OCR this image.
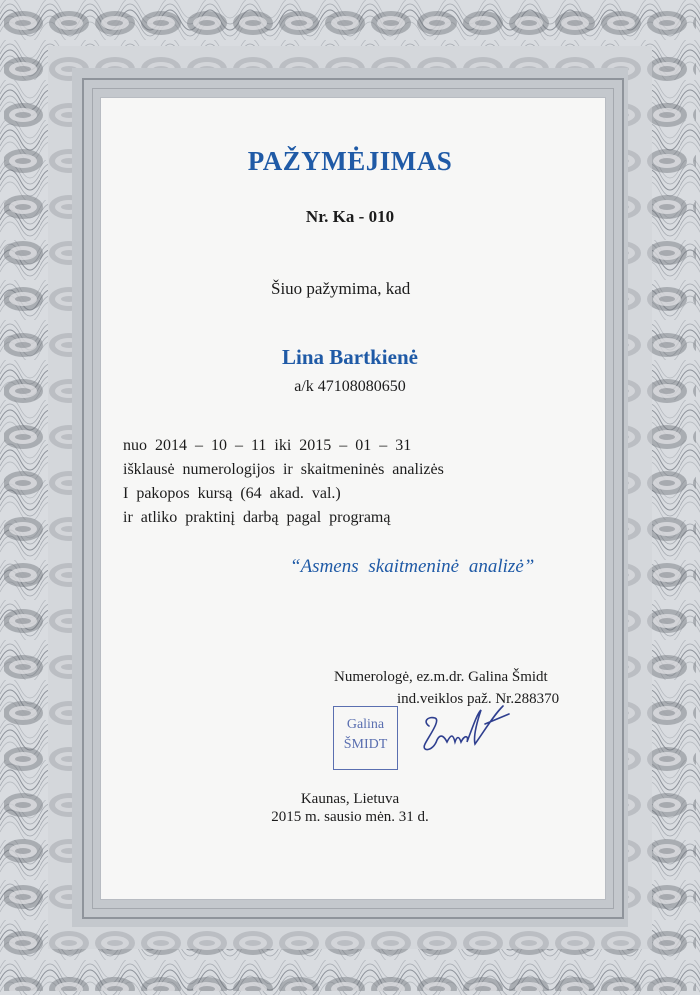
PAŽYMĖJIMAS
Nr. Ka - 010
Šiuo pažymima, kad
Lina Bartkienė
a/k 47108080650
nuo 2014 – 10 – 11 iki 2015 – 01 – 31
išklausė numerologijos ir skaitmeninės analizės
I pakopos kursą (64 akad. val.)
ir atliko praktinį darbą pagal programą
“Asmens skaitmeninė analizė”
Numerologė, ez.m.dr. Galina Šmidt
ind.veiklos paž. Nr.288370
Galina
ŠMIDT
Kaunas, Lietuva
2015 m. sausio mėn. 31 d.
